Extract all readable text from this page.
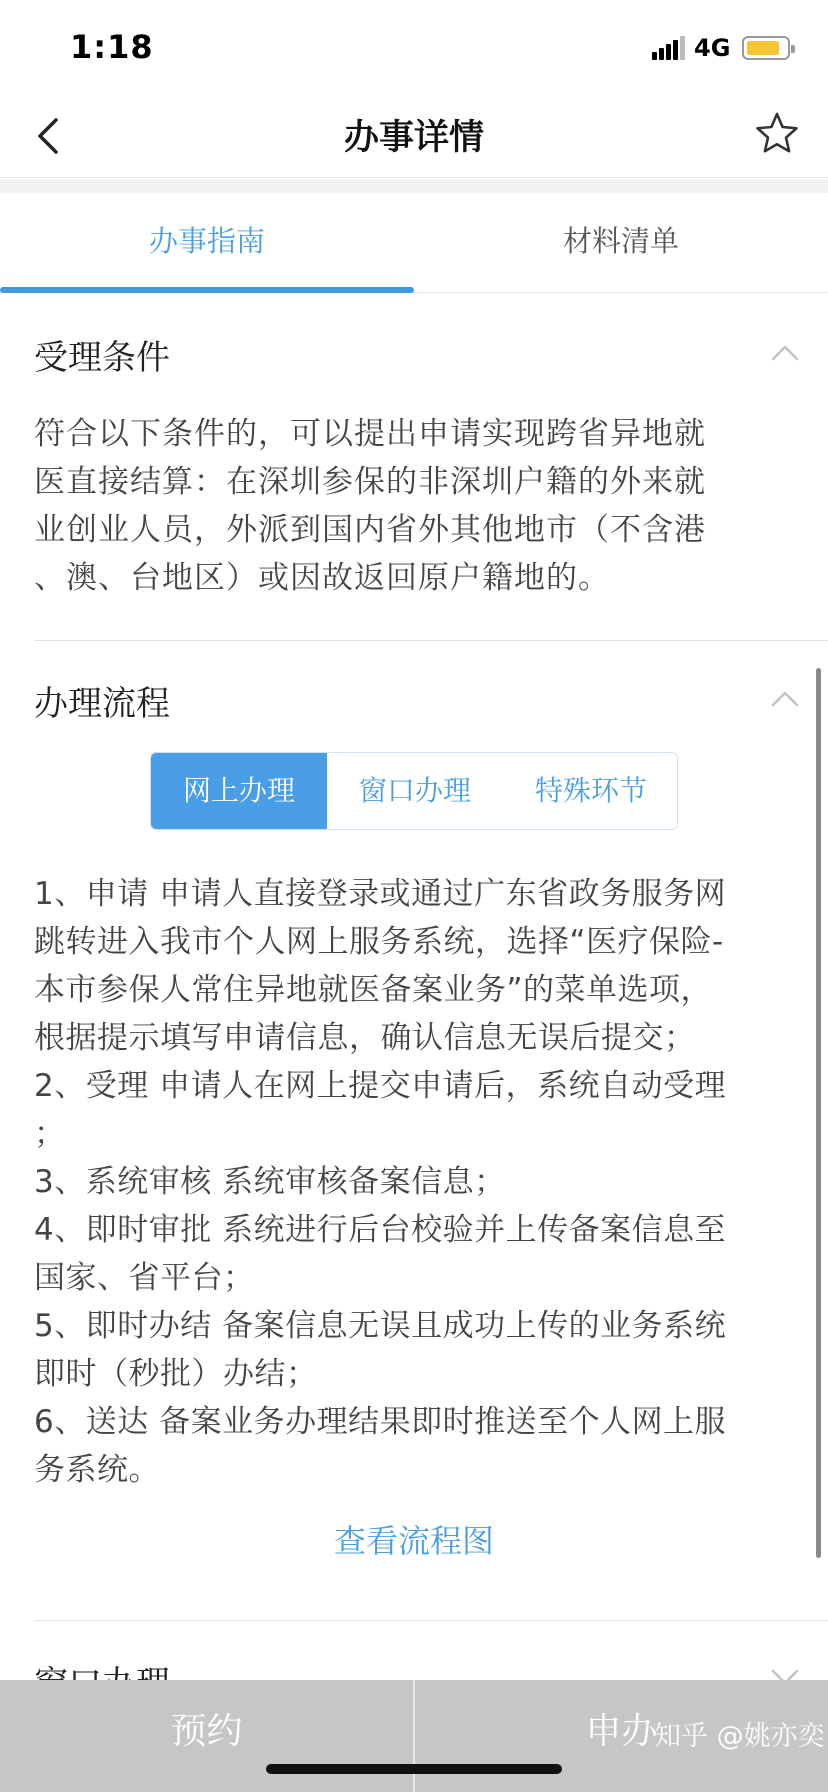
1:18	4G
办事详情
办事指南	材料清单
受理条件
符合以下条件的，可以提出申请实现跨省异地就
医直接结算：在深圳参保的非深圳户籍的外来就
业创业人员，外派到国内省外其他地市（不含港
、澳、台地区）或因故返回原户籍地的。
办理流程
网上办理	窗口办理	特殊环节
1、申请 申请人直接登录或通过广东省政务服务网
跳转进入我市个人网上服务系统，选择“医疗保险-
本市参保人常住异地就医备案业务”的菜单选项，
根据提示填写申请信息，确认信息无误后提交；
2、受理 申请人在网上提交申请后，系统自动受理
；
3、系统审核 系统审核备案信息；
4、即时审批 系统进行后台校验并上传备案信息至
国家、省平台；
5、即时办结 备案信息无误且成功上传的业务系统
即时（秒批）办结；
6、送达 备案业务办理结果即时推送至个人网上服
务系统。
查看流程图
预约	申办
知乎 @姚亦奕
